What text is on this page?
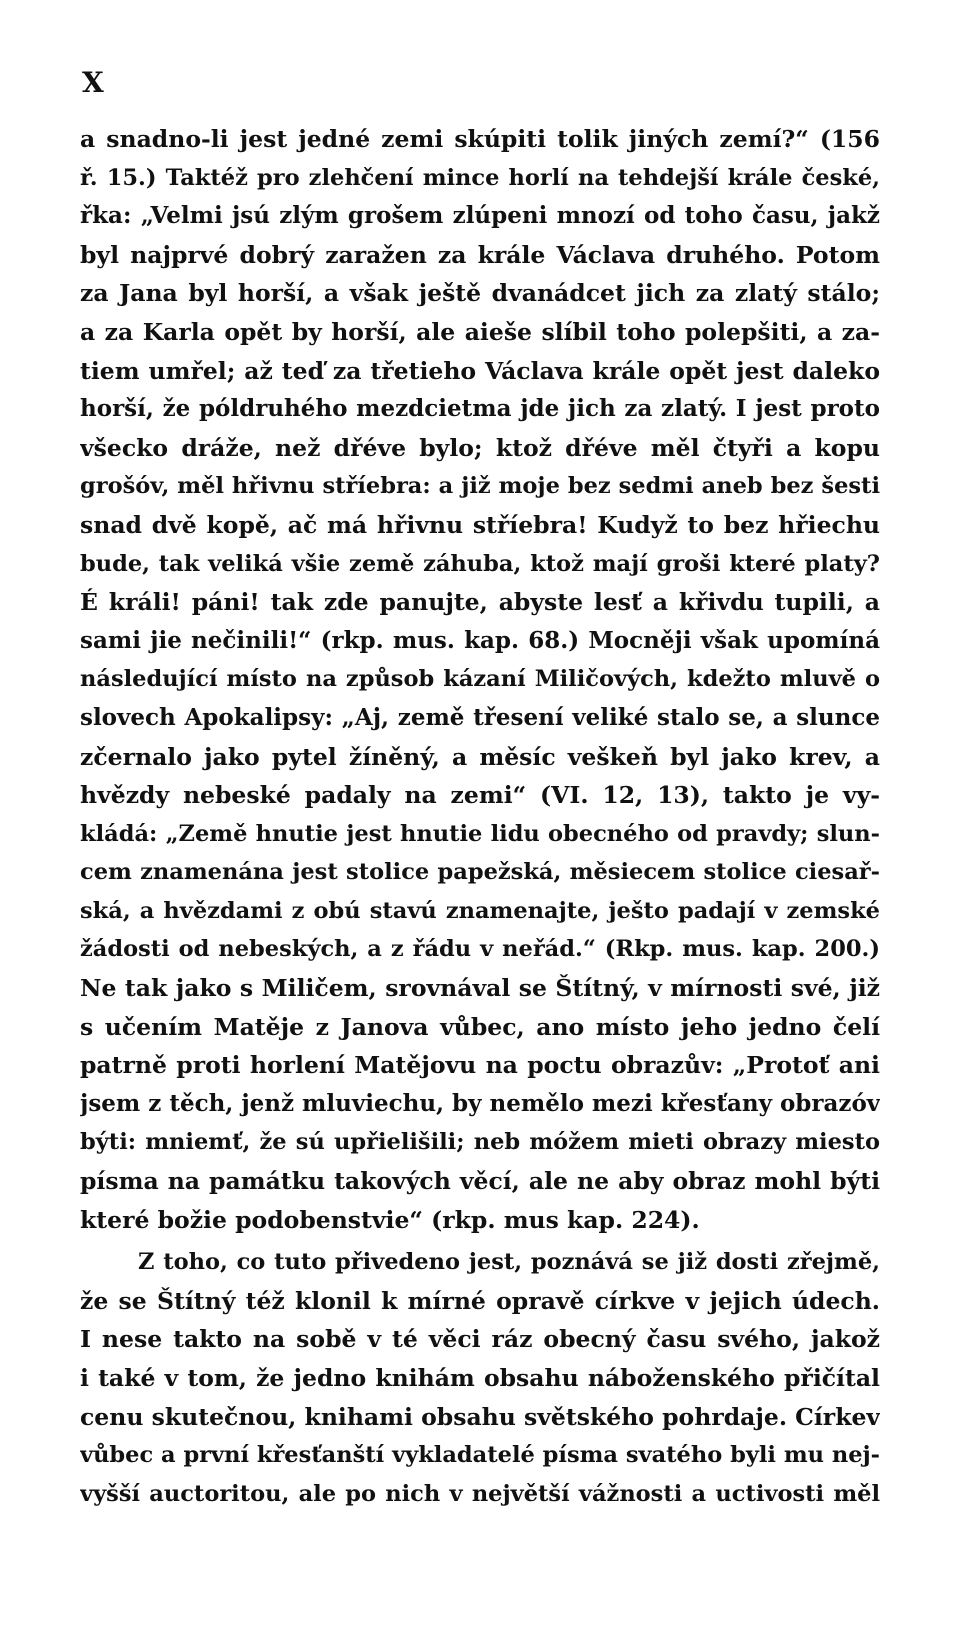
X
a snadno-li jest jedné zemi skúpiti tolik jiných zemí?“ (156
ř. 15.) Taktéž pro zlehčení mince horlí na tehdejší krále české,
řka: „Velmi jsú zlým grošem zlúpeni mnozí od toho času, jakž
byl najprvé dobrý zaražen za krále Václava druhého. Potom
za Jana byl horší, a však ještě dvanádcet jich za zlatý stálo;
a za Karla opět by horší, ale aieše slíbil toho polepšiti, a za-
tiem umřel; až teď za třetieho Václava krále opět jest daleko
horší, že póldruhého mezdcietma jde jich za zlatý. I jest proto
všecko dráže, než dřéve bylo; ktož dřéve měl čtyři a kopu
grošóv, měl hřivnu stříebra: a již moje bez sedmi aneb bez šesti
snad dvě kopě, ač má hřivnu stříebra! Kudyž to bez hřiechu
bude, tak veliká všie země záhuba, ktož mají groši které platy?
É králi! páni! tak zde panujte, abyste lesť a křivdu tupili, a
sami jie nečinili!“ (rkp. mus. kap. 68.) Mocněji však upomíná
následující místo na způsob kázaní Miličových, kdežto mluvě o
slovech Apokalipsy: „Aj, země třesení veliké stalo se, a slunce
zčernalo jako pytel žíněný, a měsíc veškeň byl jako krev, a
hvězdy nebeské padaly na zemi“ (VI. 12, 13), takto je vy-
kládá: „Země hnutie jest hnutie lidu obecného od pravdy; slun-
cem znamenána jest stolice papežská, měsiecem stolice ciesař-
ská, a hvězdami z obú stavú znamenajte, ješto padají v zemské
žádosti od nebeských, a z řádu v neřád.“ (Rkp. mus. kap. 200.)
Ne tak jako s Miličem, srovnával se Štítný, v mírnosti své, již
s učením Matěje z Janova vůbec, ano místo jeho jedno čelí
patrně proti horlení Matějovu na poctu obrazův: „Protoť ani
jsem z těch, jenž mluviechu, by nemělo mezi křesťany obrazóv
býti: mniemť, že sú upřielišili; neb móžem mieti obrazy miesto
písma na památku takových věcí, ale ne aby obraz mohl býti
které božie podobenstvie“ (rkp. mus kap. 224).
Z toho, co tuto přivedeno jest, poznává se již dosti zřejmě,
že se Štítný též klonil k mírné opravě církve v jejich údech.
I nese takto na sobě v té věci ráz obecný času svého, jakož
i také v tom, že jedno knihám obsahu náboženského přičítal
cenu skutečnou, knihami obsahu světského pohrdaje. Církev
vůbec a první křesťanští vykladatelé písma svatého byli mu nej-
vyšší auctoritou, ale po nich v největší vážnosti a uctivosti měl
